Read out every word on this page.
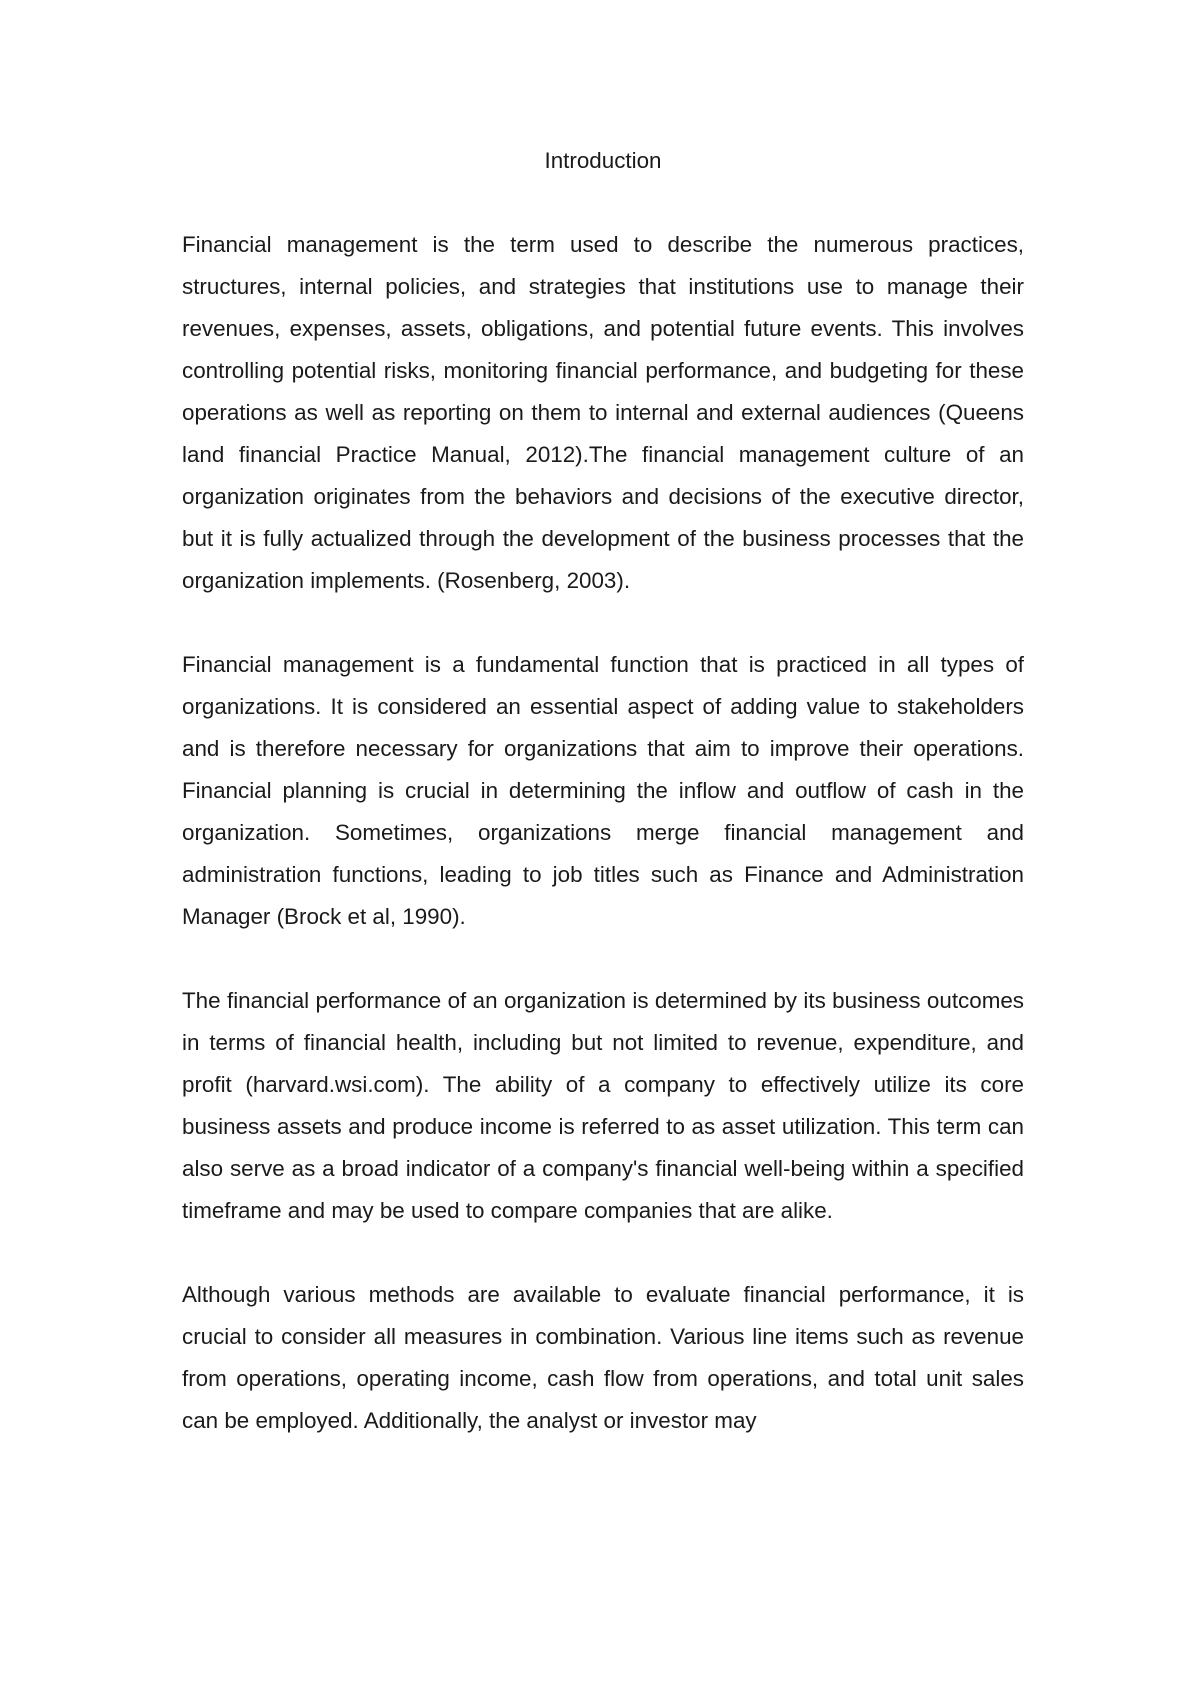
Introduction

Financial management is the term used to describe the numerous practices, structures, internal policies, and strategies that institutions use to manage their revenues, expenses, assets, obligations, and potential future events. This involves controlling potential risks, monitoring financial performance, and budgeting for these operations as well as reporting on them to internal and external audiences (Queens land financial Practice Manual, 2012).The financial management culture of an organization originates from the behaviors and decisions of the executive director, but it is fully actualized through the development of the business processes that the organization implements. (Rosenberg, 2003).

Financial management is a fundamental function that is practiced in all types of organizations. It is considered an essential aspect of adding value to stakeholders and is therefore necessary for organizations that aim to improve their operations. Financial planning is crucial in determining the inflow and outflow of cash in the organization. Sometimes, organizations merge financial management and administration functions, leading to job titles such as Finance and Administration Manager (Brock et al, 1990).

The financial performance of an organization is determined by its business outcomes in terms of financial health, including but not limited to revenue, expenditure, and profit (harvard.wsi.com). The ability of a company to effectively utilize its core business assets and produce income is referred to as asset utilization. This term can also serve as a broad indicator of a company's financial well-being within a specified timeframe and may be used to compare companies that are alike.

Although various methods are available to evaluate financial performance, it is crucial to consider all measures in combination. Various line items such as revenue from operations, operating income, cash flow from operations, and total unit sales can be employed. Additionally, the analyst or investor may
